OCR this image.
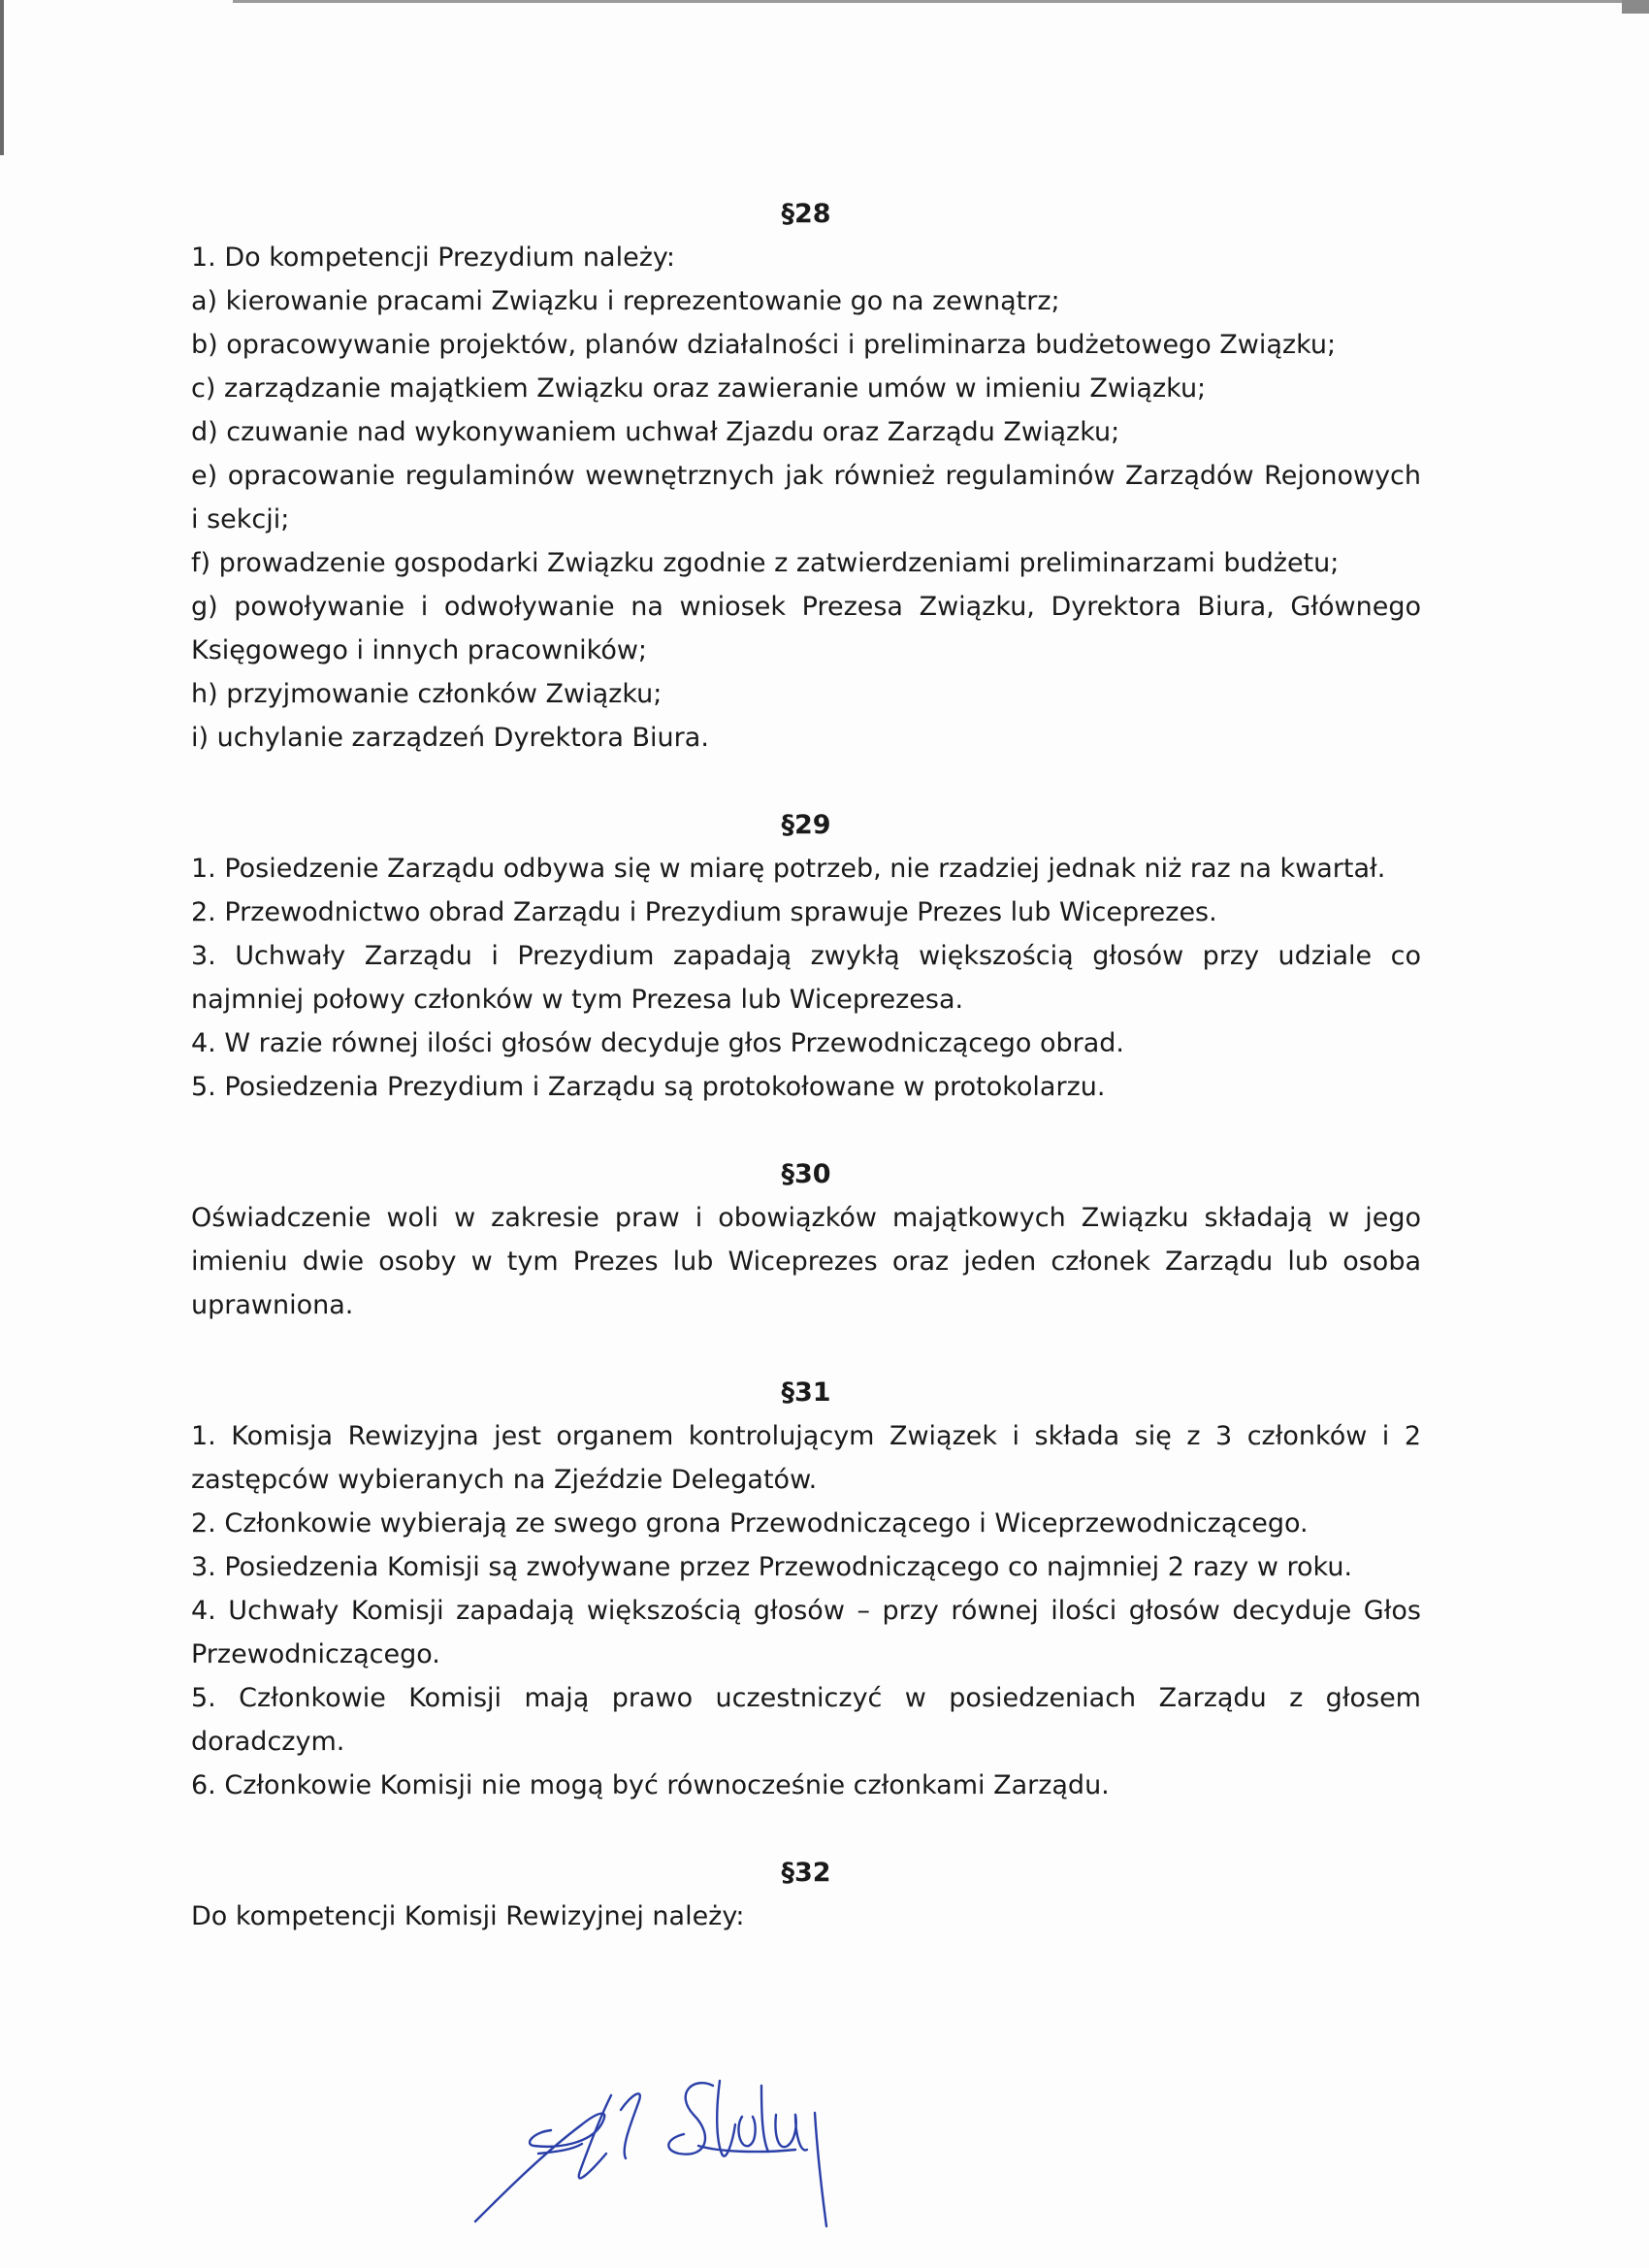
§28

1. Do kompetencji Prezydium należy:

a) kierowanie pracami Związku i reprezentowanie go na zewnątrz;

b) opracowywanie projektów, planów działalności i preliminarza budżetowego Związku;

c) zarządzanie majątkiem Związku oraz zawieranie umów w imieniu Związku;

d) czuwanie nad wykonywaniem uchwał Zjazdu oraz Zarządu Związku;

e) opracowanie regulaminów wewnętrznych jak również regulaminów Zarządów Rejonowych i sekcji;

f) prowadzenie gospodarki Związku zgodnie z zatwierdzeniami preliminarzami budżetu;

g) powoływanie i odwoływanie na wniosek Prezesa Związku, Dyrektora Biura, Głównego Księgowego i innych pracowników;

h) przyjmowanie członków Związku;

i) uchylanie zarządzeń Dyrektora Biura.

§29

1. Posiedzenie Zarządu odbywa się w miarę potrzeb, nie rzadziej jednak niż raz na kwartał.

2. Przewodnictwo obrad Zarządu i Prezydium sprawuje Prezes lub Wiceprezes.

3. Uchwały Zarządu i Prezydium zapadają zwykłą większością głosów przy udziale co najmniej połowy członków w tym Prezesa lub Wiceprezesa.

4. W razie równej ilości głosów decyduje głos Przewodniczącego obrad.

5. Posiedzenia Prezydium i Zarządu są protokołowane w protokolarzu.

§30

Oświadczenie woli w zakresie praw i obowiązków majątkowych Związku składają w jego imieniu dwie osoby w tym Prezes lub Wiceprezes oraz jeden członek Zarządu lub osoba uprawniona.

§31

1. Komisja Rewizyjna jest organem kontrolującym Związek i składa się z 3 członków i 2 zastępców wybieranych na Zjeździe Delegatów.

2. Członkowie wybierają ze swego grona Przewodniczącego i Wiceprzewodniczącego.

3. Posiedzenia Komisji są zwoływane przez Przewodniczącego co najmniej 2 razy w roku.

4. Uchwały Komisji zapadają większością głosów – przy równej ilości głosów decyduje Głos Przewodniczącego.

5. Członkowie Komisji mają prawo uczestniczyć w posiedzeniach Zarządu z głosem doradczym.

6. Członkowie Komisji nie mogą być równocześnie członkami Zarządu.

§32

Do kompetencji Komisji Rewizyjnej należy:
